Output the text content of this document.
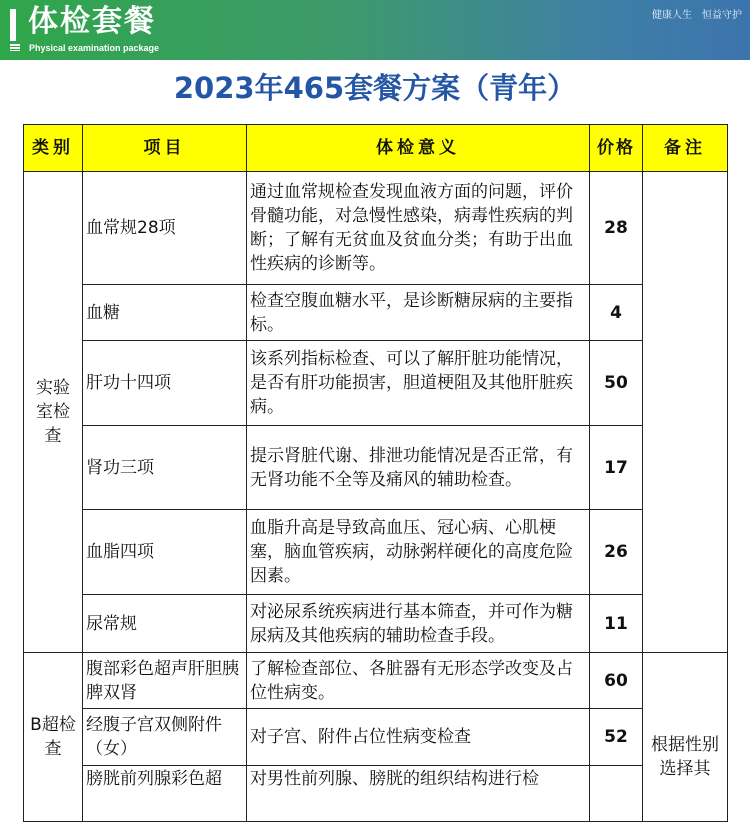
体检套餐
Physical examination package
健康人生　恒益守护
2023年465套餐方案（青年）
类别	项目	体检意义	价格	备注
实验室检查	血常规28项	通过血常规检查发现血液方面的问题，评价骨髓功能，对急慢性感染，病毒性疾病的判断；了解有无贫血及贫血分类；有助于出血性疾病的诊断等。	28	
	血糖	检查空腹血糖水平，是诊断糖尿病的主要指标。	4	
	肝功十四项	该系列指标检查、可以了解肝脏功能情况，是否有肝功能损害，胆道梗阻及其他肝脏疾病。	50	
	肾功三项	提示肾脏代谢、排泄功能情况是否正常，有无肾功能不全等及痛风的辅助检查。	17	
	血脂四项	血脂升高是导致高血压、冠心病、心肌梗塞，脑血管疾病，动脉粥样硬化的高度危险因素。	26	
	尿常规	对泌尿系统疾病进行基本筛查，并可作为糖尿病及其他疾病的辅助检查手段。	11	
B超检查	腹部彩色超声肝胆胰脾双肾	了解检查部位、各脏器有无形态学改变及占位性病变。	60	根据性别选择其
	经腹子宫双侧附件（女）	对子宫、附件占位性病变检查	52	
	膀胱前列腺彩色超	对男性前列腺、膀胱的组织结构进行检		
